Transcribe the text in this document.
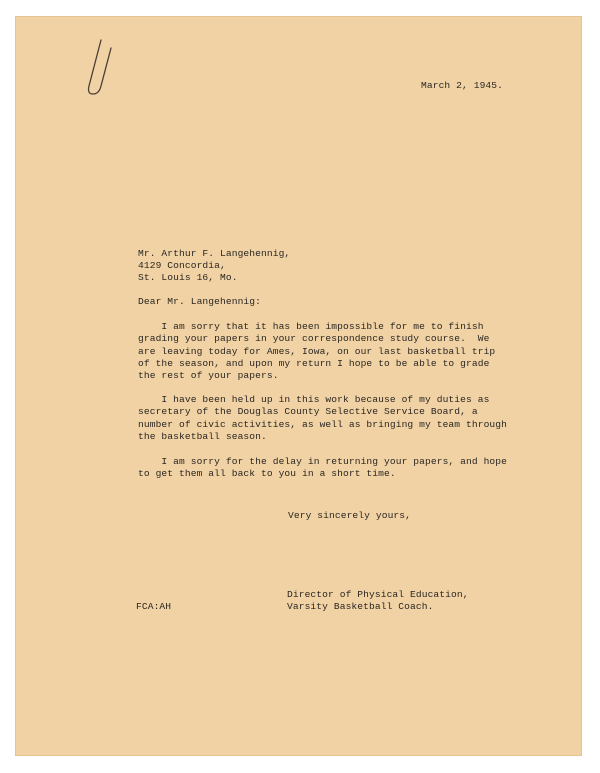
March 2, 1945.
Mr. Arthur F. Langehennig,
4129 Concordia,
St. Louis 16, Mo.
Dear Mr. Langehennig:
I am sorry that it has been impossible for me to finish
grading your papers in your correspondence study course.  We
are leaving today for Ames, Iowa, on our last basketball trip
of the season, and upon my return I hope to be able to grade
the rest of your papers.
I have been held up in this work because of my duties as
secretary of the Douglas County Selective Service Board, a
number of civic activities, as well as bringing my team through
the basketball season.
I am sorry for the delay in returning your papers, and hope
to get them all back to you in a short time.
Very sincerely yours,
Director of Physical Education,
Varsity Basketball Coach.
FCA:AH
